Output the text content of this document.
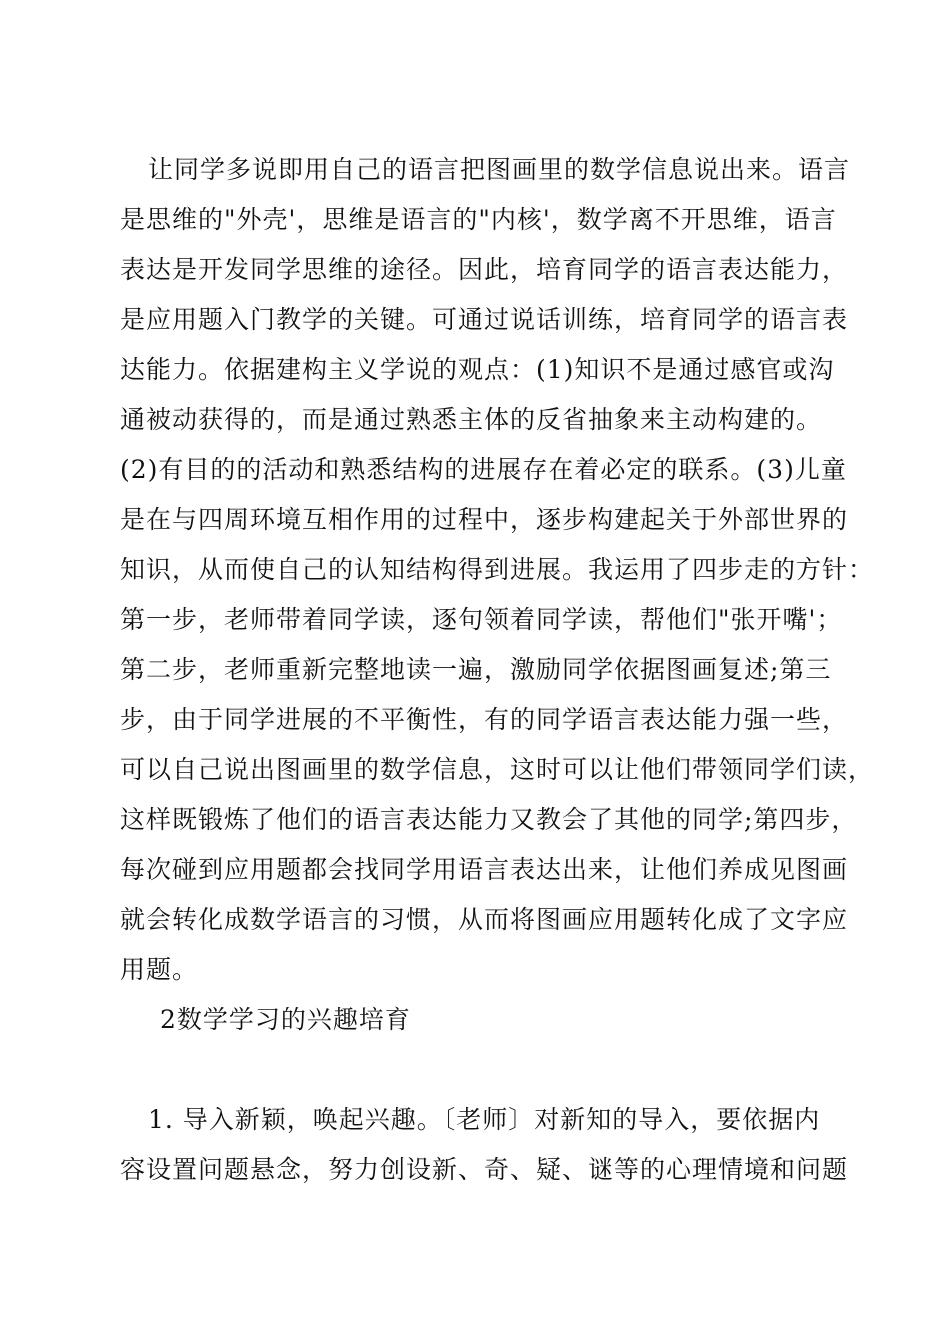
让同学多说即用自己的语言把图画里的数学信息说出来。语言
是思维的"外壳'，思维是语言的"内核'，数学离不开思维，语言
表达是开发同学思维的途径。因此，培育同学的语言表达能力，
是应用题入门教学的关键。可通过说话训练，培育同学的语言表
达能力。依据建构主义学说的观点：(1)知识不是通过感官或沟
通被动获得的，而是通过熟悉主体的反省抽象来主动构建的。
(2)有目的的活动和熟悉结构的进展存在着必定的联系。(3)儿童
是在与四周环境互相作用的过程中，逐步构建起关于外部世界的
知识，从而使自己的认知结构得到进展。我运用了四步走的方针：
第一步，老师带着同学读，逐句领着同学读，帮他们"张开嘴'；
第二步，老师重新完整地读一遍，激励同学依据图画复述;第三
步，由于同学进展的不平衡性，有的同学语言表达能力强一些，
可以自己说出图画里的数学信息，这时可以让他们带领同学们读，
这样既锻炼了他们的语言表达能力又教会了其他的同学;第四步，
每次碰到应用题都会找同学用语言表达出来，让他们养成见图画
就会转化成数学语言的习惯，从而将图画应用题转化成了文字应
用题。
2数学学习的兴趣培育
1. 导入新颖，唤起兴趣。〔老师〕对新知的导入，要依据内
容设置问题悬念，努力创设新、奇、疑、谜等的心理情境和问题
